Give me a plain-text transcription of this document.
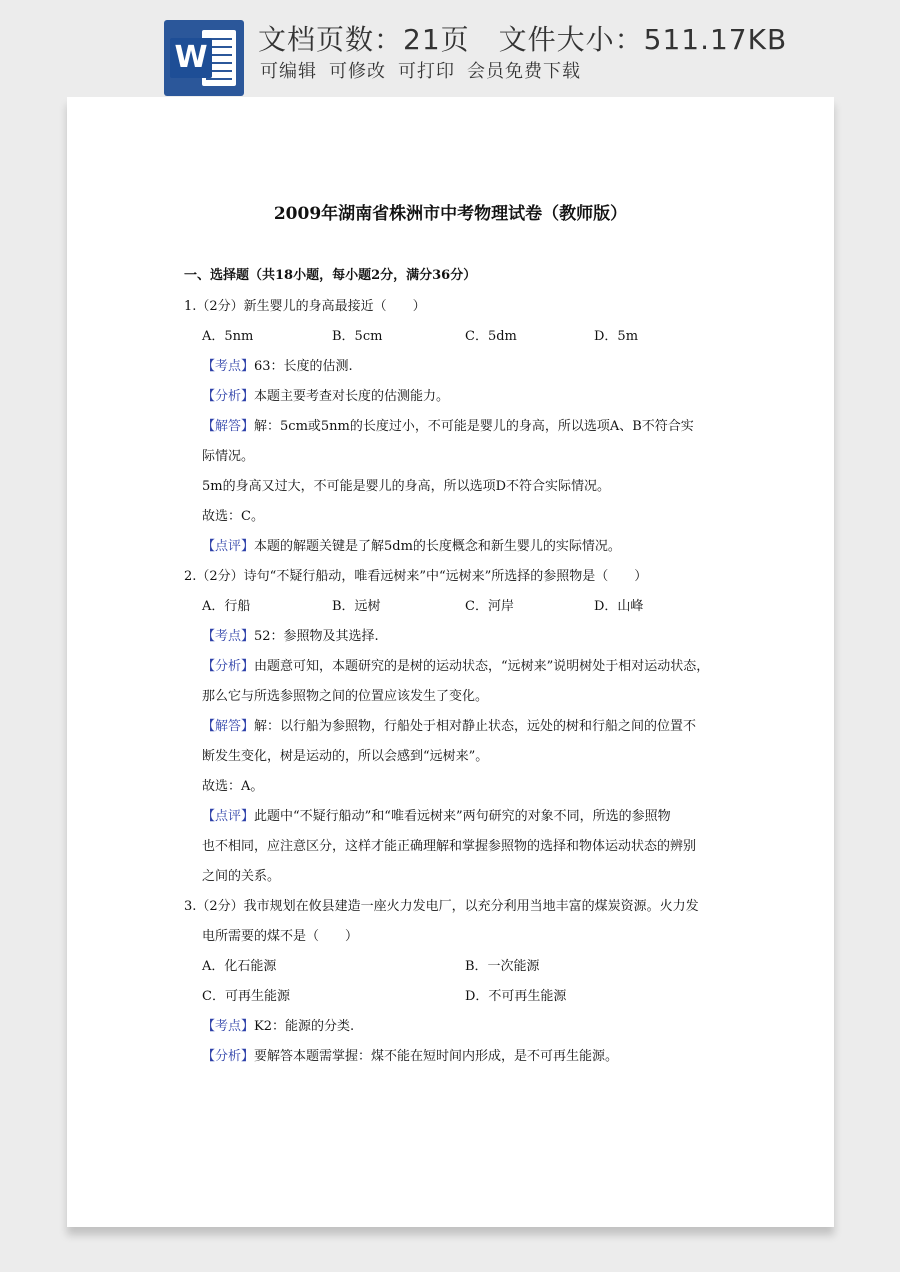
W
文档页数：21页　文件大小：511.17KB
可编辑 可修改 可打印 会员免费下载
2009年湖南省株洲市中考物理试卷（教师版）
一、选择题（共18小题，每小题2分，满分36分）
1.（2分）新生婴儿的身高最接近（　　）
A．5nm	B．5cm	C．5dm	D．5m
【考点】63：长度的估测.
【分析】本题主要考查对长度的估测能力。
【解答】解：5cm或5nm的长度过小，不可能是婴儿的身高，所以选项A、B不符合实
际情况。
5m的身高又过大，不可能是婴儿的身高，所以选项D不符合实际情况。
故选：C。
【点评】本题的解题关键是了解5dm的长度概念和新生婴儿的实际情况。
2.（2分）诗句“不疑行船动，唯看远树来”中“远树来”所选择的参照物是（　　）
A．行船	B．远树	C．河岸	D．山峰
【考点】52：参照物及其选择.
【分析】由题意可知，本题研究的是树的运动状态，“远树来”说明树处于相对运动状态，
那么它与所选参照物之间的位置应该发生了变化。
【解答】解：以行船为参照物，行船处于相对静止状态，远处的树和行船之间的位置不
断发生变化，树是运动的，所以会感到“远树来”。
故选：A。
【点评】此题中“不疑行船动”和“唯看远树来”两句研究的对象不同，所选的参照物
也不相同，应注意区分，这样才能正确理解和掌握参照物的选择和物体运动状态的辨别
之间的关系。
3.（2分）我市规划在攸县建造一座火力发电厂，以充分利用当地丰富的煤炭资源。火力发
电所需要的煤不是（　　）
A．化石能源	B．一次能源
C．可再生能源	D．不可再生能源
【考点】K2：能源的分类.
【分析】要解答本题需掌握：煤不能在短时间内形成，是不可再生能源。
